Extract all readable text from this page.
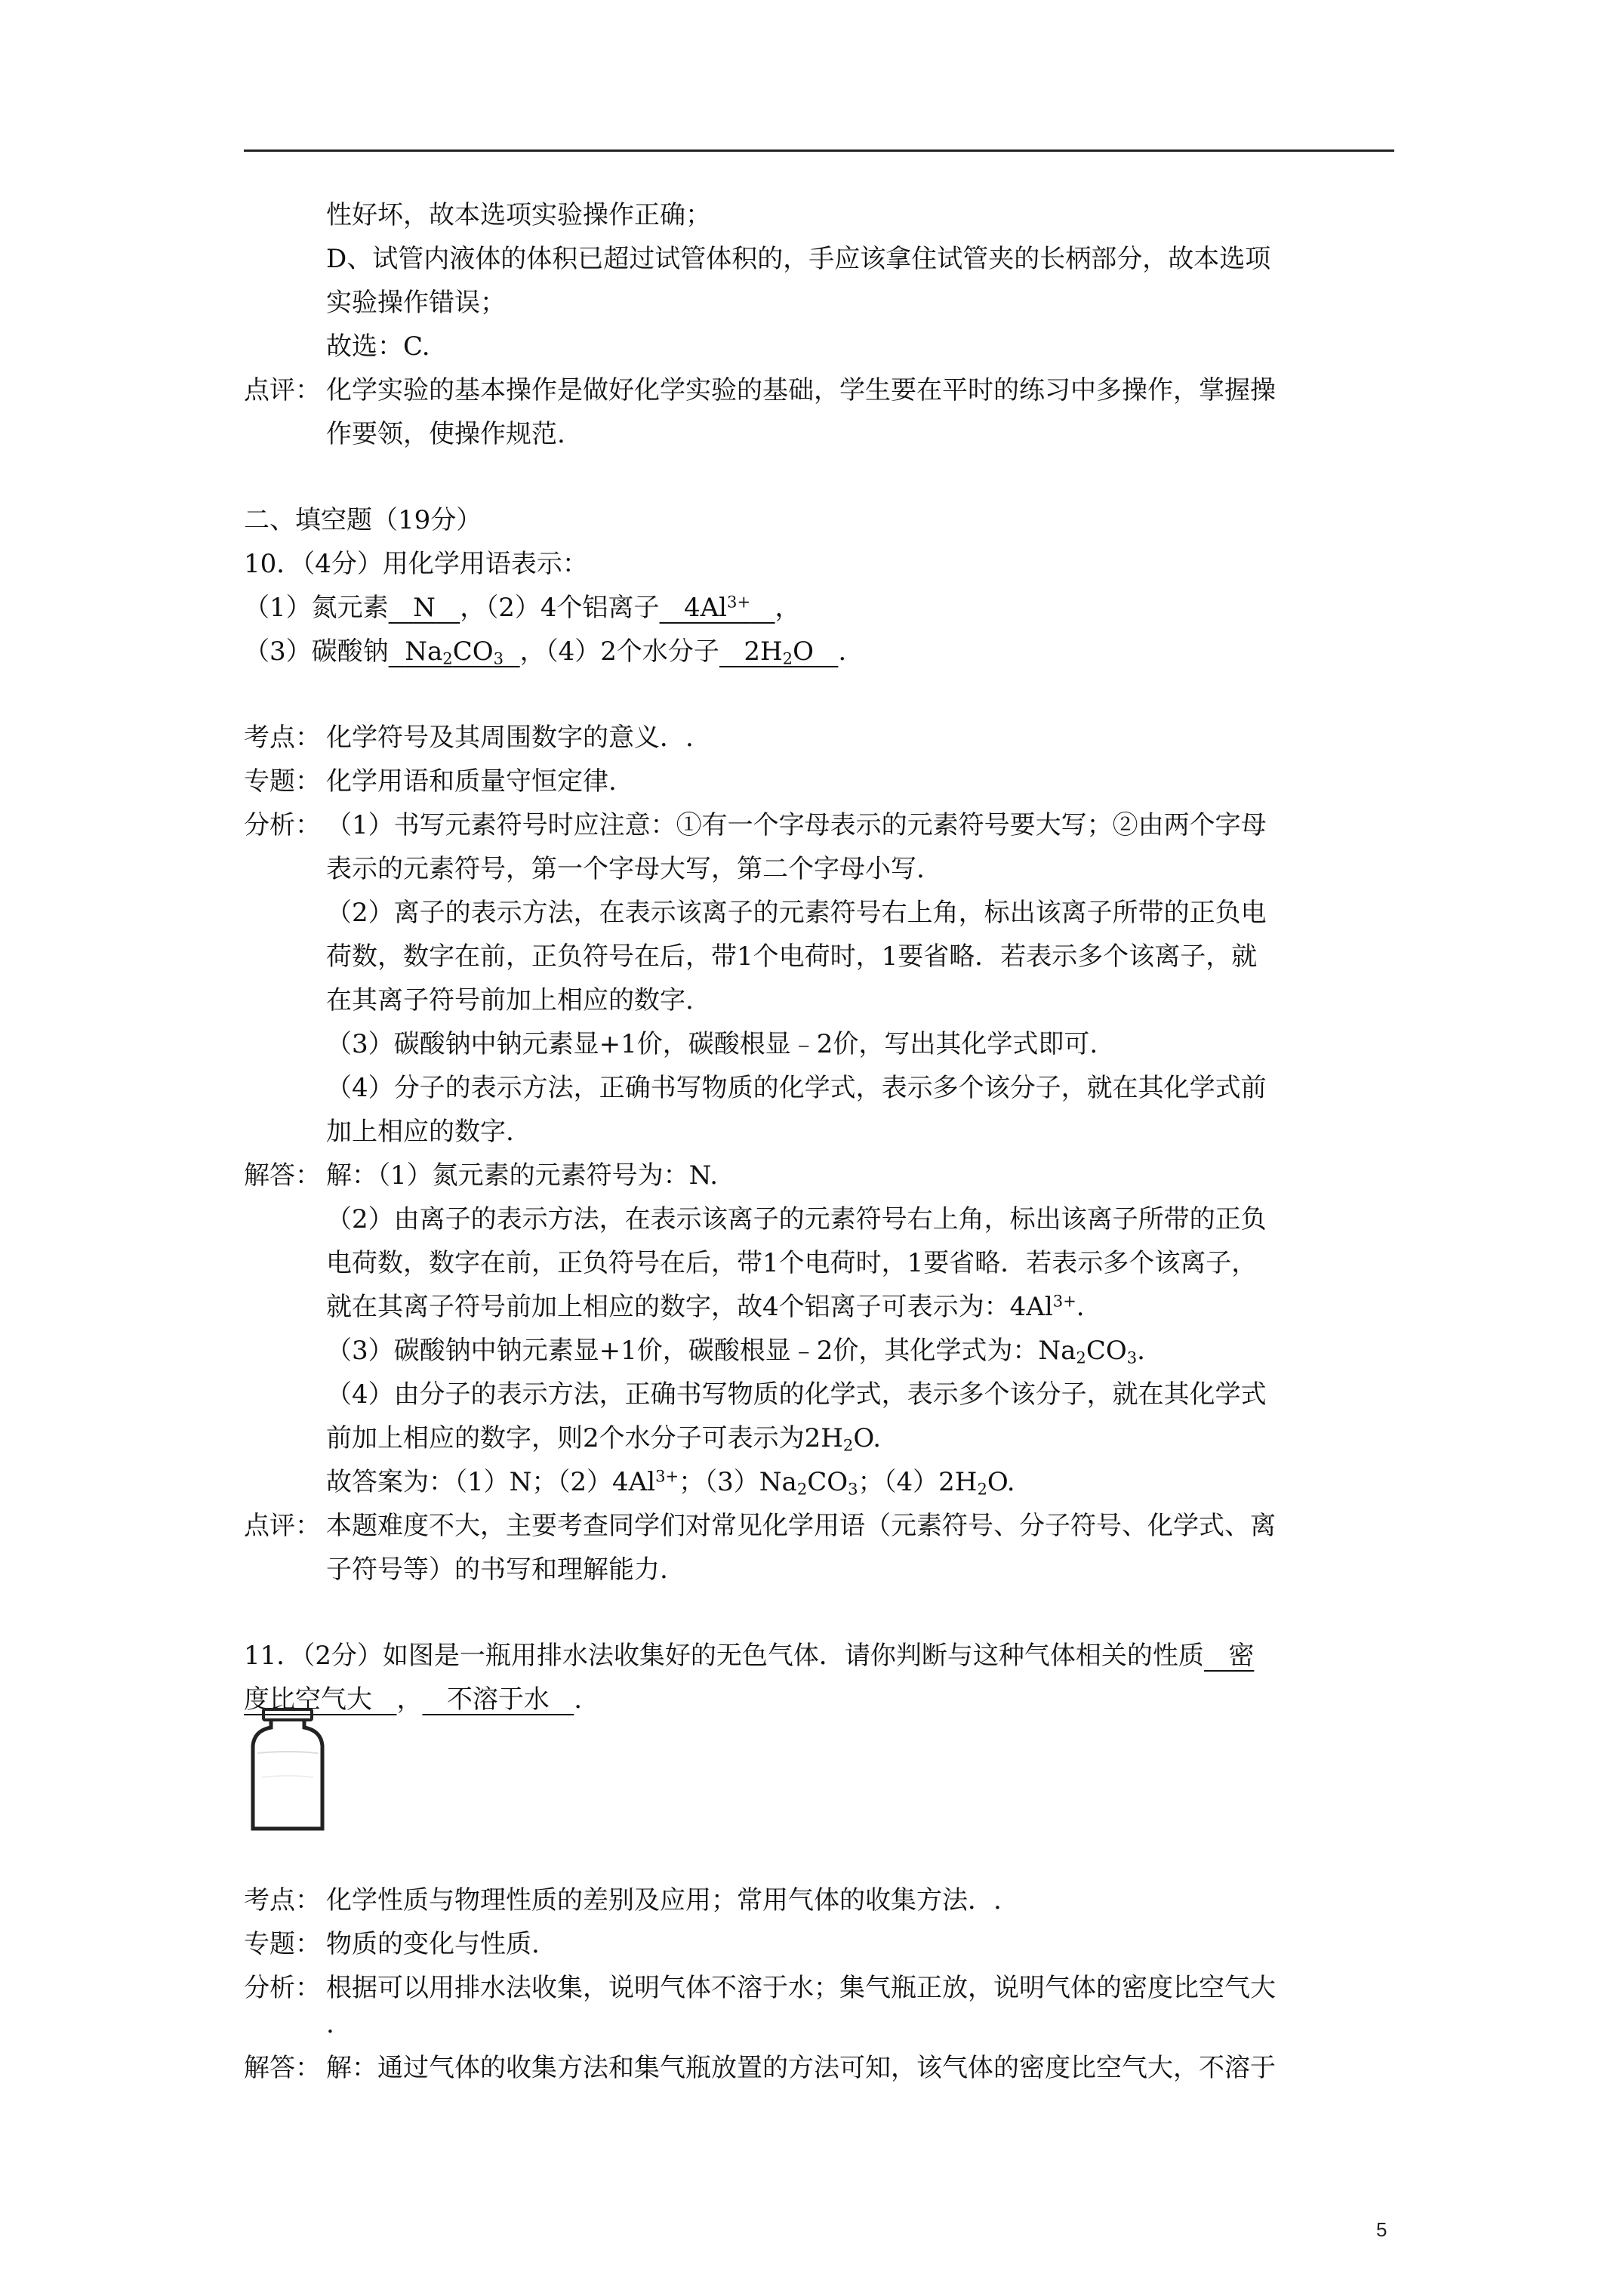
性好坏，故本选项实验操作正确；
D、试管内液体的体积已超过试管体积的，手应该拿住试管夹的长柄部分，故本选项
实验操作错误；
故选：C.
点评： 化学实验的基本操作是做好化学实验的基础，学生要在平时的练习中多操作，掌握操
作要领，使操作规范.
二、填空题（19分）
10．（4分）用化学用语表示：
（1）氮元素 N ，（2）4个铝离子 $4Al^{3+}$ ，
（3）碳酸钠 $Na_2CO_3$ ，（4）2个水分子 $2H_2O$ .
考点： 化学符号及其周围数字的意义．.
专题： 化学用语和质量守恒定律.
分析： （1）书写元素符号时应注意：①有一个字母表示的元素符号要大写；②由两个字母
表示的元素符号，第一个字母大写，第二个字母小写.
（2）离子的表示方法，在表示该离子的元素符号右上角，标出该离子所带的正负电
荷数，数字在前，正负符号在后，带1个电荷时，1要省略．若表示多个该离子，就
在其离子符号前加上相应的数字.
（3）碳酸钠中钠元素显+1价，碳酸根显﹣2价，写出其化学式即可.
（4）分子的表示方法，正确书写物质的化学式，表示多个该分子，就在其化学式前
加上相应的数字.
解答： 解：（1）氮元素的元素符号为：N.
（2）由离子的表示方法，在表示该离子的元素符号右上角，标出该离子所带的正负
电荷数，数字在前，正负符号在后，带1个电荷时，1要省略．若表示多个该离子，
就在其离子符号前加上相应的数字，故4个铝离子可表示为：$4Al^{3+}$.
（3）碳酸钠中钠元素显+1价，碳酸根显﹣2价，其化学式为：$Na_2CO_3$.
（4）由分子的表示方法，正确书写物质的化学式，表示多个该分子，就在其化学式
前加上相应的数字，则2个水分子可表示为$2H_2O$.
故答案为：（1）N；$(2)4Al^{3+}$；$(3)Na_2CO_3$；$(4)2H_2O$.
点评： 本题难度不大，主要考查同学们对常见化学用语（元素符号、分子符号、化学式、离
子符号等）的书写和理解能力.
11．（2分）如图是一瓶用排水法收集好的无色气体．请你判断与这种气体相关的性质   密
度比空气大   ，   不溶于水   .
考点： 化学性质与物理性质的差别及应用；常用气体的收集方法．.
专题： 物质的变化与性质.
分析： 根据可以用排水法收集，说明气体不溶于水；集气瓶正放，说明气体的密度比空气大
.
解答： 解：通过气体的收集方法和集气瓶放置的方法可知，该气体的密度比空气大，不溶于
5
